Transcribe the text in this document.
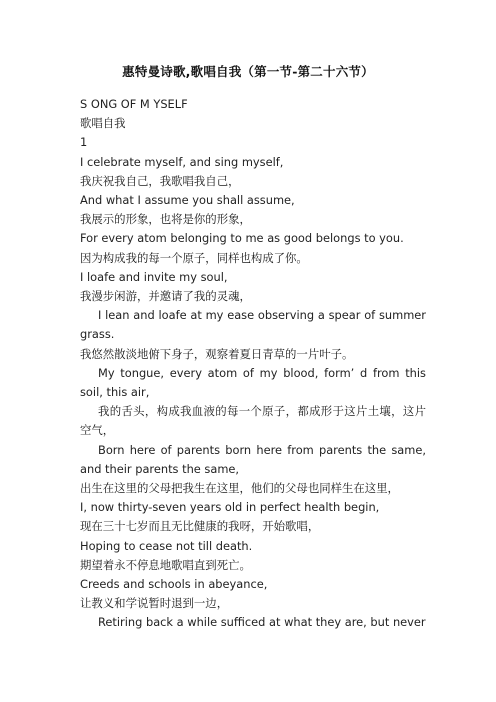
惠特曼诗歌,歌唱自我（第一节-第二十六节）
S ONG OF M YSELF
歌唱自我
1
I celebrate myself, and sing myself,
我庆祝我自己，我歌唱我自己，
And what I assume you shall assume,
我展示的形象，也将是你的形象，
For every atom belonging to me as good belongs to you.
因为构成我的每一个原子，同样也构成了你。
I loafe and invite my soul,
我漫步闲游，并邀请了我的灵魂，
I lean and loafe at my ease observing a spear of summer grass.
我悠然散淡地俯下身子，观察着夏日青草的一片叶子。
My tongue, every atom of my blood, form’ d from this soil, this air,
我的舌头，构成我血液的每一个原子，都成形于这片土壤，这片空气，
Born here of parents born here from parents the same, and their parents the same,
出生在这里的父母把我生在这里，他们的父母也同样生在这里，
I, now thirty-seven years old in perfect health begin,
现在三十七岁而且无比健康的我呀，开始歌唱，
Hoping to cease not till death.
期望着永不停息地歌唱直到死亡。
Creeds and schools in abeyance,
让教义和学说暂时退到一边，
Retiring back a while sufficed at what they are, but never
